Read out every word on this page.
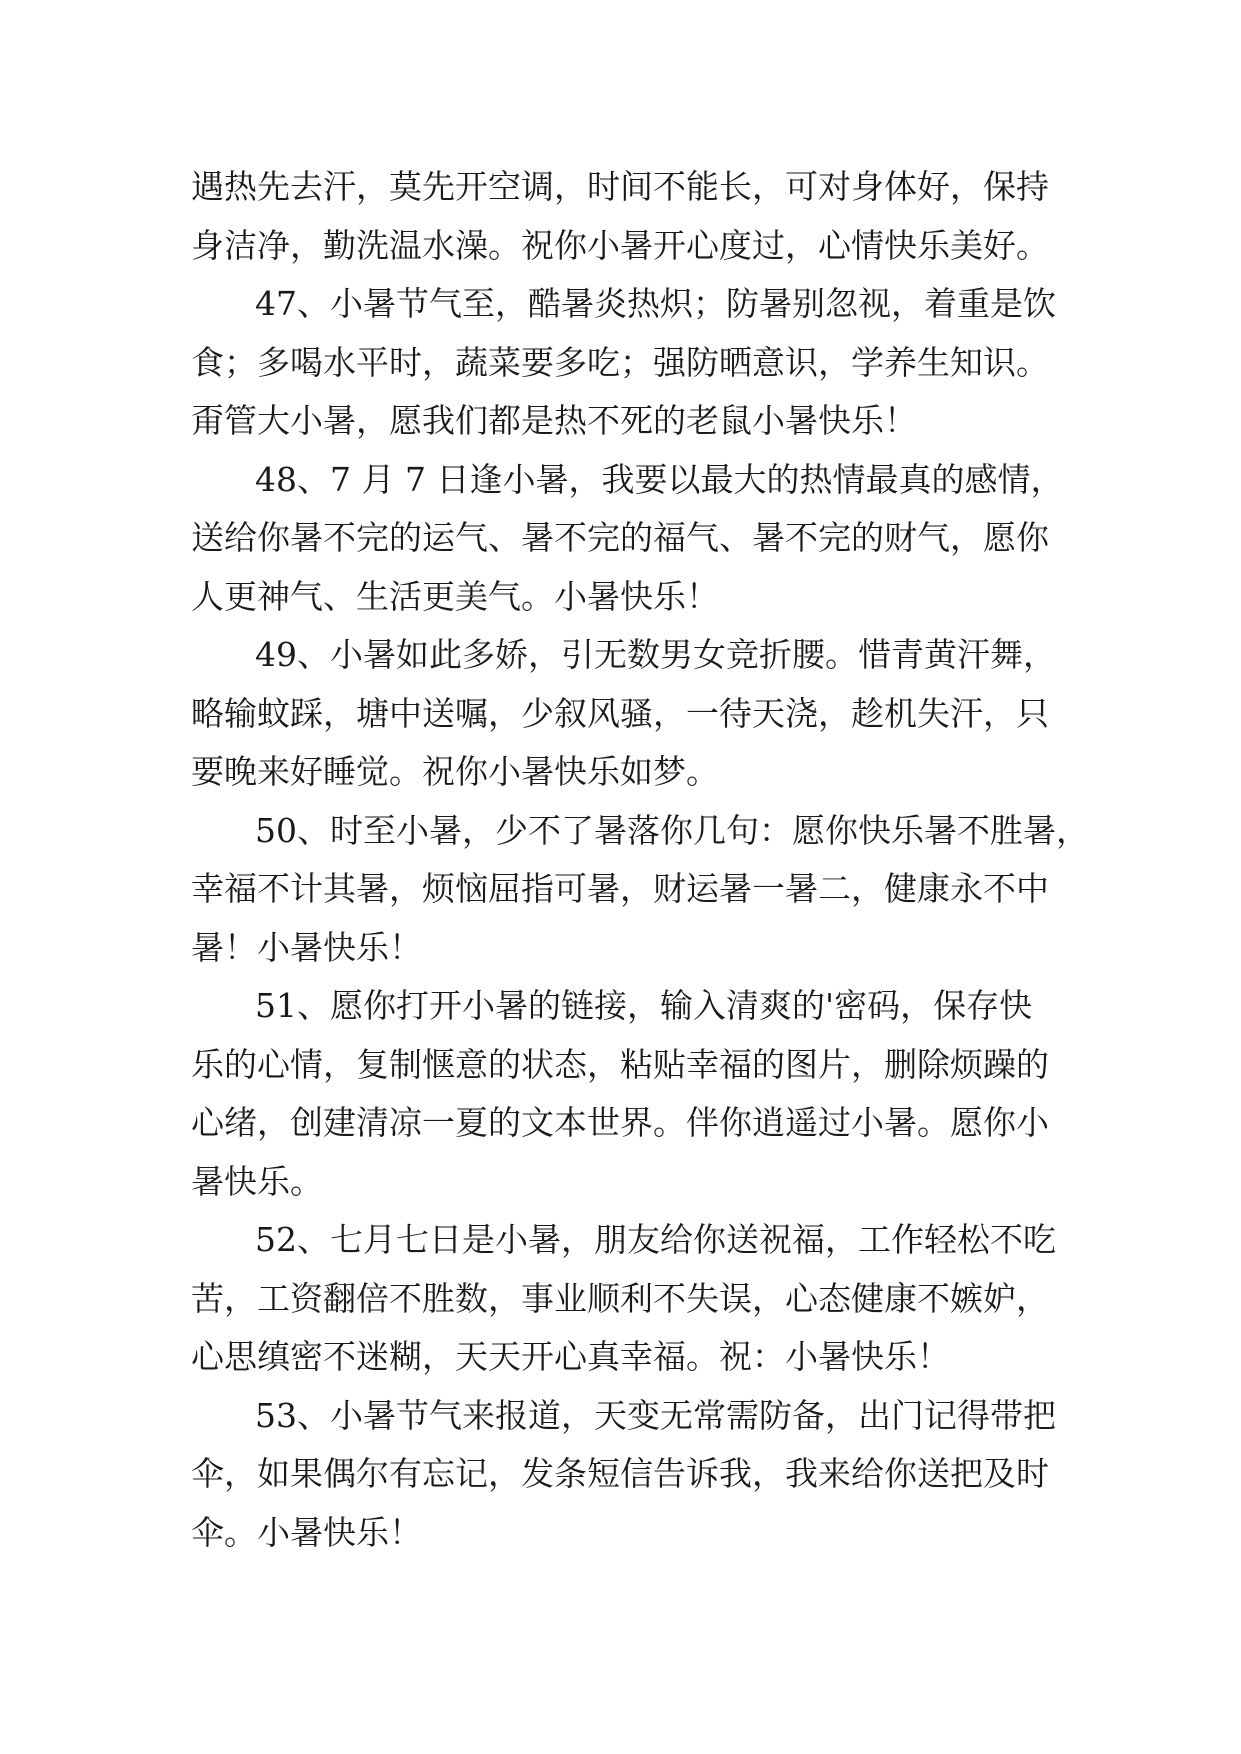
遇热先去汗，莫先开空调，时间不能长，可对身体好，保持
身洁净，勤洗温水澡。祝你小暑开心度过，心情快乐美好。
47、小暑节气至，酷暑炎热炽；防暑别忽视，着重是饮
食；多喝水平时，蔬菜要多吃；强防晒意识，学养生知识。
甭管大小暑，愿我们都是热不死的老鼠小暑快乐！
48、7 月 7 日逢小暑，我要以最大的热情最真的感情，
送给你暑不完的运气、暑不完的福气、暑不完的财气，愿你
人更神气、生活更美气。小暑快乐！
49、小暑如此多娇，引无数男女竞折腰。惜青黄汗舞，
略输蚊踩，塘中送嘱，少叙风骚，一待天浇，趁机失汗，只
要晚来好睡觉。祝你小暑快乐如梦。
50、时至小暑，少不了暑落你几句：愿你快乐暑不胜暑，
幸福不计其暑，烦恼屈指可暑，财运暑一暑二，健康永不中
暑！小暑快乐！
51、愿你打开小暑的链接，输入清爽的'密码，保存快
乐的心情，复制惬意的状态，粘贴幸福的图片，删除烦躁的
心绪，创建清凉一夏的文本世界。伴你逍遥过小暑。愿你小
暑快乐。
52、七月七日是小暑，朋友给你送祝福，工作轻松不吃
苦，工资翻倍不胜数，事业顺利不失误，心态健康不嫉妒，
心思缜密不迷糊，天天开心真幸福。祝：小暑快乐！
53、小暑节气来报道，天变无常需防备，出门记得带把
伞，如果偶尔有忘记，发条短信告诉我，我来给你送把及时
伞。小暑快乐！
